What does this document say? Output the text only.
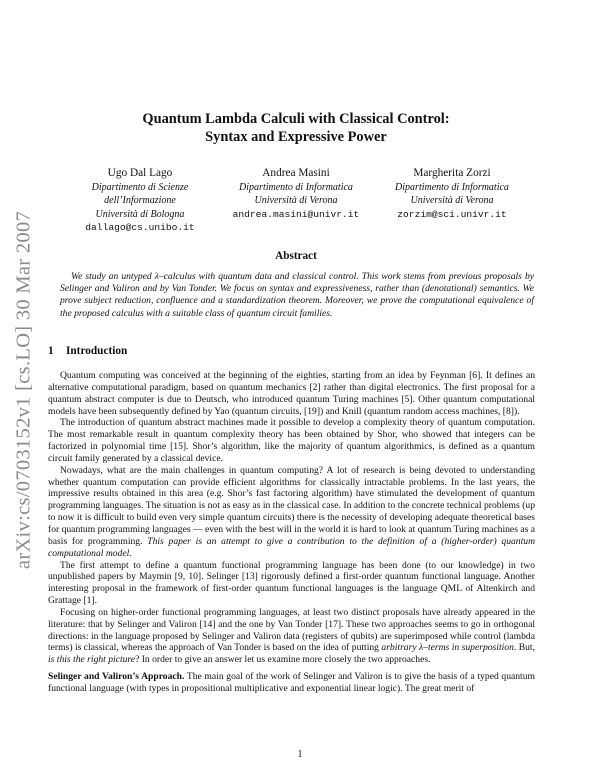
arXiv:cs/0703152v1 [cs.LO] 30 Mar 2007
Quantum Lambda Calculi with Classical Control:
Syntax and Expressive Power
Ugo Dal Lago
Dipartimento di Scienze dell’Informazione
Università di Bologna
dallago@cs.unibo.it
Andrea Masini
Dipartimento di Informatica
Università di Verona
andrea.masini@univr.it
Margherita Zorzi
Dipartimento di Informatica
Università di Verona
zorzim@sci.univr.it
Abstract
We study an untyped λ–calculus with quantum data and classical control. This work stems from previous proposals by Selinger and Valiron and by Van Tonder. We focus on syntax and expressiveness, rather than (denotational) semantics. We prove subject reduction, confluence and a standardization theorem. Moreover, we prove the computational equivalence of the proposed calculus with a suitable class of quantum circuit families.
1 Introduction

Quantum computing was conceived at the beginning of the eighties, starting from an idea by Feynman [6]. It defines an alternative computational paradigm, based on quantum mechanics [2] rather than digital electronics. The first proposal for a quantum abstract computer is due to Deutsch, who introduced quantum Turing machines [5]. Other quantum computational models have been subsequently defined by Yao (quantum circuits, [19]) and Knill (quantum random access machines, [8]).

The introduction of quantum abstract machines made it possible to develop a complexity theory of quantum computation. The most remarkable result in quantum complexity theory has been obtained by Shor, who showed that integers can be factorized in polynomial time [15]. Shor’s algorithm, like the majority of quantum algorithmics, is defined as a quantum circuit family generated by a classical device.

Nowadays, what are the main challenges in quantum computing? A lot of research is being devoted to understanding whether quantum computation can provide efficient algorithms for classically intractable problems. In the last years, the impressive results obtained in this area (e.g. Shor’s fast factoring algorithm) have stimulated the development of quantum programming languages. The situation is not as easy as in the classical case. In addition to the concrete technical problems (up to now it is difficult to build even very simple quantum circuits) there is the necessity of developing adequate theoretical bases for quantum programming languages — even with the best will in the world it is hard to look at quantum Turing machines as a basis for programming. This paper is an attempt to give a contribution to the definition of a (higher-order) quantum computational model.

The first attempt to define a quantum functional programming language has been done (to our knowledge) in two unpublished papers by Maymin [9, 10]. Selinger [13] rigorously defined a first-order quantum functional language. Another interesting proposal in the framework of first-order quantum functional languages is the language QML of Altenkirch and Grattage [1].

Focusing on higher-order functional programming languages, at least two distinct proposals have already appeared in the literature: that by Selinger and Valiron [14] and the one by Van Tonder [17]. These two approaches seems to go in orthogonal directions: in the language proposed by Selinger and Valiron data (registers of qubits) are superimposed while control (lambda terms) is classical, whereas the approach of Van Tonder is based on the idea of putting arbitrary λ–terms in superposition. But, is this the right picture? In order to give an answer let us examine more closely the two approaches.

Selinger and Valiron’s Approach. The main goal of the work of Selinger and Valiron is to give the basis of a typed quantum functional language (with types in propositional multiplicative and exponential linear logic). The great merit of

1
